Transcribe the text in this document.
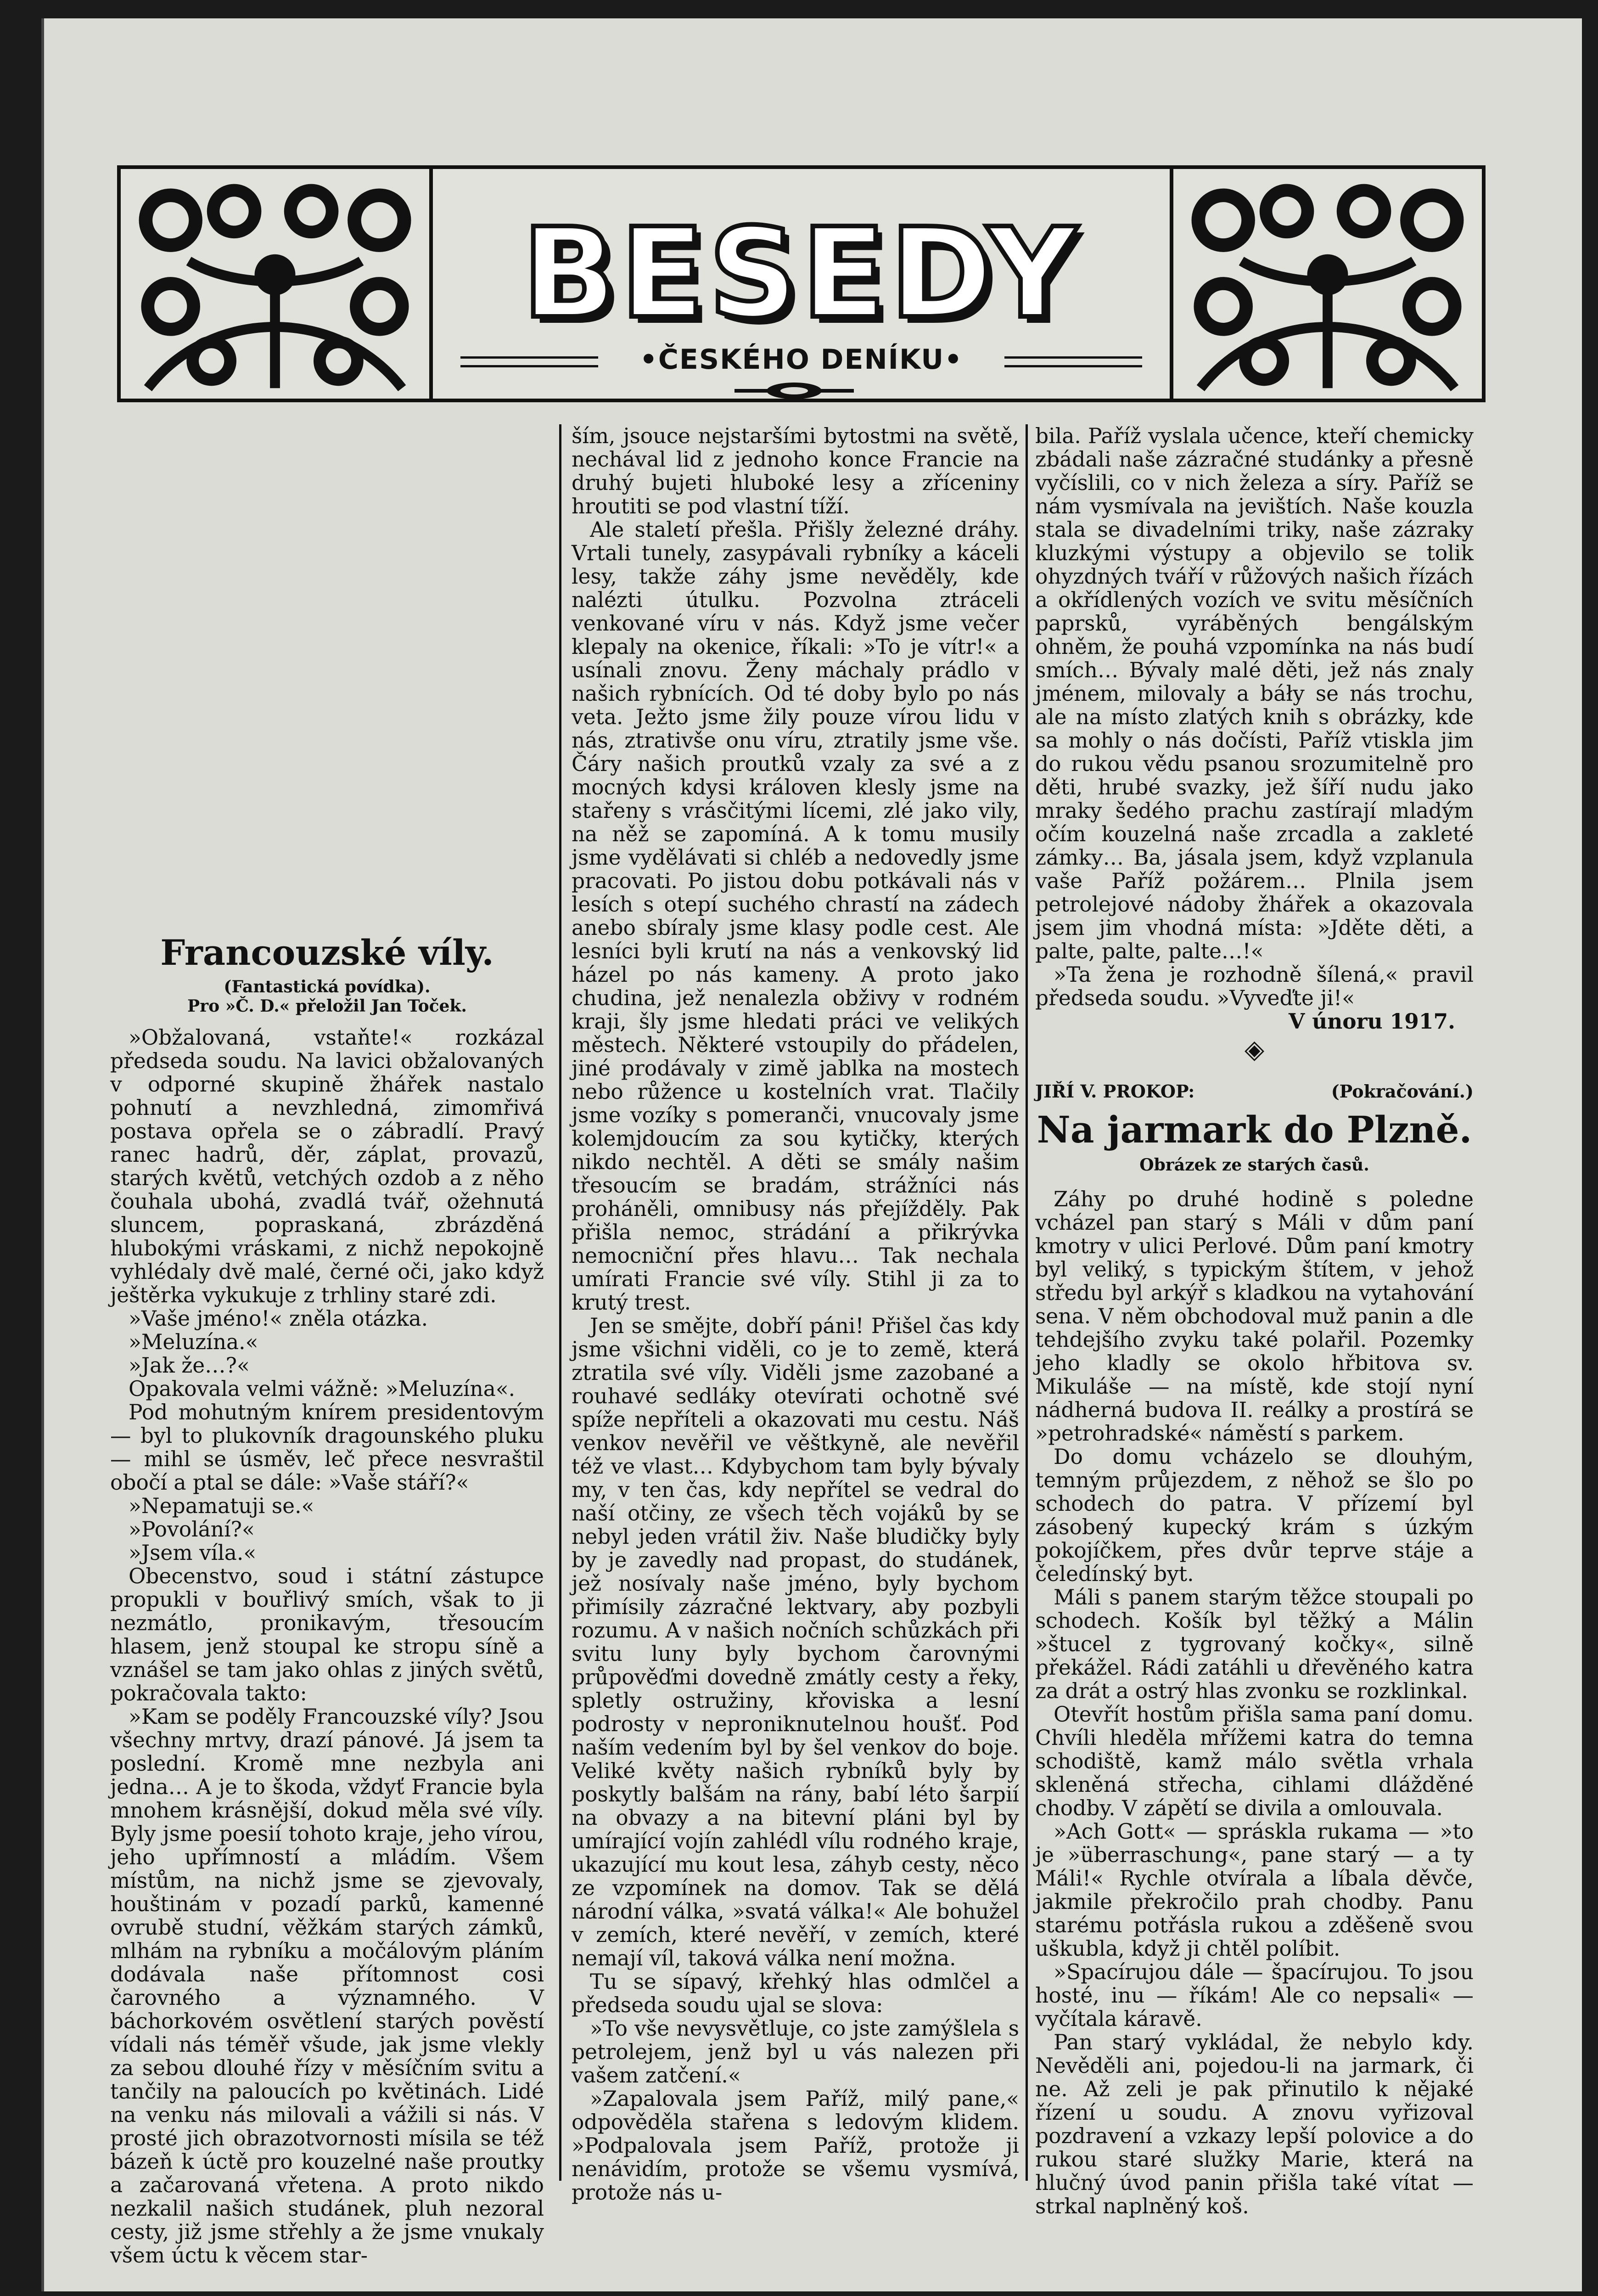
BESEDY
•ČESKÉHO DENÍKU•
Francouzské víly.
(Fantastická povídka).
Pro »Č. D.« přeložil Jan Toček.

»Obžalovaná, vstaňte!« rozkázal předseda soudu. Na lavici obžalovaných v odporné skupině žhářek nastalo pohnutí a nevzhledná, zimomřivá postava opřela se o zábradlí. Pravý ranec hadrů, děr, záplat, provazů, starých květů, vetchých ozdob a z něho čouhala ubohá, zvadlá tvář, ožehnutá sluncem, popraskaná, zbrázděná hlubokými vráskami, z nichž nepokojně vyhlédaly dvě malé, černé oči, jako když ještěrka vykukuje z trhliny staré zdi.

»Vaše jméno!« zněla otázka.

»Meluzína.«

»Jak že…?«

Opakovala velmi vážně: »Meluzína«.

Pod mohutným knírem presidentovým — byl to plukovník dragounského pluku — mihl se úsměv, leč přece nesvraštil obočí a ptal se dále: »Vaše stáří?«

»Nepamatuji se.«

»Povolání?«

»Jsem víla.«

Obecenstvo, soud i státní zástupce propukli v bouřlivý smích, však to ji nezmátlo, pronikavým, třesoucím hlasem, jenž stoupal ke stropu síně a vznášel se tam jako ohlas z jiných světů, pokračovala takto:

»Kam se poděly Francouzské víly? Jsou všechny mrtvy, drazí pánové. Já jsem ta poslední. Kromě mne nezbyla ani jedna… A je to škoda, vždyť Francie byla mnohem krásnější, dokud měla své víly. Byly jsme poesií tohoto kraje, jeho vírou, jeho upřímností a mládím. Všem místům, na nichž jsme se zjevovaly, houštinám v pozadí parků, kamenné ovrubě studní, věžkám starých zámků, mlhám na rybníku a močálovým pláním dodávala naše přítomnost cosi čarovného a významného. V báchorkovém osvětlení starých pověstí vídali nás téměř všude, jak jsme vlekly za sebou dlouhé řízy v měsíčním svitu a tančily na paloucích po květinách. Lidé na venku nás milovali a vážili si nás. V prosté jich obrazotvornosti mísila se též bázeň k úctě pro kouzelné naše proutky a začarovaná vřetena. A proto nikdo nezkalil našich studánek, pluh nezoral cesty, již jsme střehly a že jsme vnukaly všem úctu k věcem star-

ším, jsouce nejstaršími bytostmi na světě, nechával lid z jednoho konce Francie na druhý bujeti hluboké lesy a zříceniny hroutiti se pod vlastní tíží.

Ale staletí přešla. Přišly železné dráhy. Vrtali tunely, zasypávali rybníky a káceli lesy, takže záhy jsme nevěděly, kde nalézti útulku. Pozvolna ztráceli venkované víru v nás. Když jsme večer klepaly na okenice, říkali: »To je vítr!« a usínali znovu. Ženy máchaly prádlo v našich rybnících. Od té doby bylo po nás veta. Ježto jsme žily pouze vírou lidu v nás, ztrativše onu víru, ztratily jsme vše. Čáry našich proutků vzaly za své a z mocných kdysi královen klesly jsme na stařeny s vrásčitými lícemi, zlé jako vily, na něž se zapomíná. A k tomu musily jsme vydělávati si chléb a nedovedly jsme pracovati. Po jistou dobu potkávali nás v lesích s otepí suchého chrastí na zádech anebo sbíraly jsme klasy podle cest. Ale lesníci byli krutí na nás a venkovský lid házel po nás kameny. A proto jako chudina, jež nenalezla obživy v rodném kraji, šly jsme hledati práci ve velikých městech. Některé vstoupily do přádelen, jiné prodávaly v zimě jablka na mostech nebo růžence u kostelních vrat. Tlačily jsme vozíky s pomeranči, vnucovaly jsme kolemjdoucím za sou kytičky, kterých nikdo nechtěl. A děti se smály našim třesoucím se bradám, strážníci nás proháněli, omnibusy nás přejížděly. Pak přišla nemoc, strádání a přikrývka nemocniční přes hlavu… Tak nechala umírati Francie své víly. Stihl ji za to krutý trest.

Jen se smějte, dobří páni! Přišel čas kdy jsme všichni viděli, co je to země, která ztratila své víly. Viděli jsme zazobané a rouhavé sedláky otevírati ochotně své spíže nepříteli a okazovati mu cestu. Náš venkov nevěřil ve věštkyně, ale nevěřil též ve vlast… Kdybychom tam byly bývaly my, v ten čas, kdy nepřítel se vedral do naší otčiny, ze všech těch vojáků by se nebyl jeden vrátil živ. Naše bludičky byly by je zavedly nad propast, do studánek, jež nosívaly naše jméno, byly bychom přimísily zázračné lektvary, aby pozbyli rozumu. A v našich nočních schůzkách při svitu luny byly bychom čarovnými průpověďmi dovedně zmátly cesty a řeky, spletly ostružiny, křoviska a lesní podrosty v neproniknutelnou houšť. Pod naším vedením byl by šel venkov do boje. Veliké květy našich rybníků byly by poskytly balšám na rány, babí léto šarpií na obvazy a na bitevní pláni byl by umírající vojín zahlédl vílu rodného kraje, ukazující mu kout lesa, záhyb cesty, něco ze vzpomínek na domov. Tak se dělá národní válka, »svatá válka!« Ale bohužel v zemích, které nevěří, v zemích, které nemají víl, taková válka není možna.

Tu se sípavý, křehký hlas odmlčel a předseda soudu ujal se slova:

»To vše nevysvětluje, co jste zamýšlela s petrolejem, jenž byl u vás nalezen při vašem zatčení.«

»Zapalovala jsem Paříž, milý pane,« odpověděla stařena s ledovým klidem. »Podpalovala jsem Paříž, protože ji nenávidím, protože se všemu vysmívá, protože nás u-

bila. Paříž vyslala učence, kteří chemicky zbádali naše zázračné studánky a přesně vyčíslili, co v nich železa a síry. Paříž se nám vysmívala na jevištích. Naše kouzla stala se divadelními triky, naše zázraky kluzkými výstupy a objevilo se tolik ohyzdných tváří v růžových našich řízách a okřídlených vozích ve svitu měsíčních paprsků, vyráběných bengálským ohněm, že pouhá vzpomínka na nás budí smích… Bývaly malé děti, jež nás znaly jménem, milovaly a báły se nás trochu, ale na místo zlatých knih s obrázky, kde sa mohly o nás dočísti, Paříž vtiskla jim do rukou vědu psanou srozumitelně pro děti, hrubé svazky, jež šíří nudu jako mraky šedého prachu zastírají mladým očím kouzelná naše zrcadla a zakleté zámky… Ba, jásala jsem, když vzplanula vaše Paříž požárem… Plnila jsem petrolejové nádoby žhářek a okazovala jsem jim vhodná místa: »Jděte děti, a palte, palte, palte…!«

»Ta žena je rozhodně šílená,« pravil předseda soudu. »Vyveďte ji!«

V únoru 1917.
◈
JIŘÍ V. PROKOP:	(Pokračování.)
Na jarmark do Plzně.
Obrázek ze starých časů.

Záhy po druhé hodině s poledne vcházel pan starý s Máli v dům paní kmotry v ulici Perlové. Dům paní kmotry byl veliký, s typickým štítem, v jehož středu byl arkýř s kladkou na vytahování sena. V něm obchodoval muž panin a dle tehdejšího zvyku také polařil. Pozemky jeho kladly se okolo hřbitova sv. Mikuláše — na místě, kde stojí nyní nádherná budova II. reálky a prostírá se »petrohradské« náměstí s parkem.

Do domu vcházelo se dlouhým, temným průjezdem, z něhož se šlo po schodech do patra. V přízemí byl zásobený kupecký krám s úzkým pokojíčkem, přes dvůr teprve stáje a čeledínský byt.

Máli s panem starým těžce stoupali po schodech. Košík byl těžký a Málin »štucel z tygrovaný kočky«, silně překážel. Rádi zatáhli u dřevěného katra za drát a ostrý hlas zvonku se rozklinkal.

Otevřít hostům přišla sama paní domu. Chvíli hleděla mřížemi katra do temna schodiště, kamž málo světla vrhala skleněná střecha, cihlami dlážděné chodby. V zápětí se divila a omlouvala.

»Ach Gott« — spráskla rukama — »to je »überraschung«, pane starý — a ty Máli!« Rychle otvírala a líbala děvče, jakmile překročilo prah chodby. Panu starému potřásla rukou a zděšeně svou uškubla, když ji chtěl políbit.

»Spacírujou dále — špacírujou. To jsou hosté, inu — říkám! Ale co nepsali« — vyčítala káravě.

Pan starý vykládal, že nebylo kdy. Nevěděli ani, pojedou-li na jarmark, či ne. Až zeli je pak přinutilo k nějaké řízení u soudu. A znovu vyřizoval pozdravení a vzkazy lepší polovice a do rukou staré služky Marie, která na hlučný úvod panin přišla také vítat — strkal naplněný koš.
